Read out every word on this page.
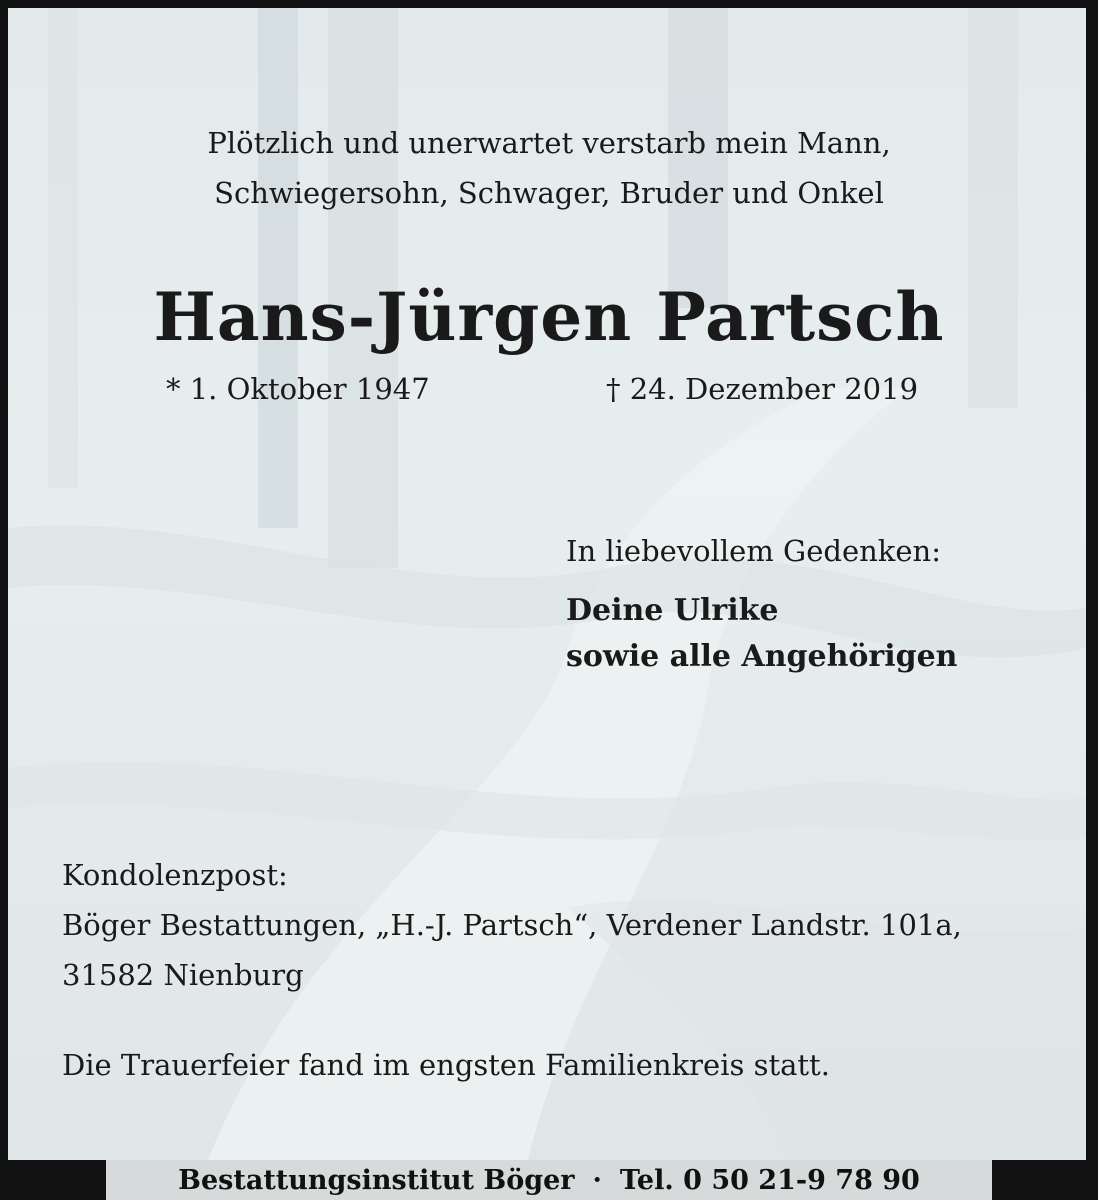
Plötzlich und unerwartet verstarb mein Mann,
Schwiegersohn, Schwager, Bruder und Onkel
Hans-Jürgen Partsch
* 1. Oktober 1947	† 24. Dezember 2019
In liebevollem Gedenken:
Deine Ulrike
sowie alle Angehörigen
Kondolenzpost:
Böger Bestattungen, „H.-J. Partsch“, Verdener Landstr. 101a,
31582 Nienburg
Die Trauerfeier fand im engsten Familienkreis statt.
Bestattungsinstitut Böger · Tel. 0 50 21-9 78 90
